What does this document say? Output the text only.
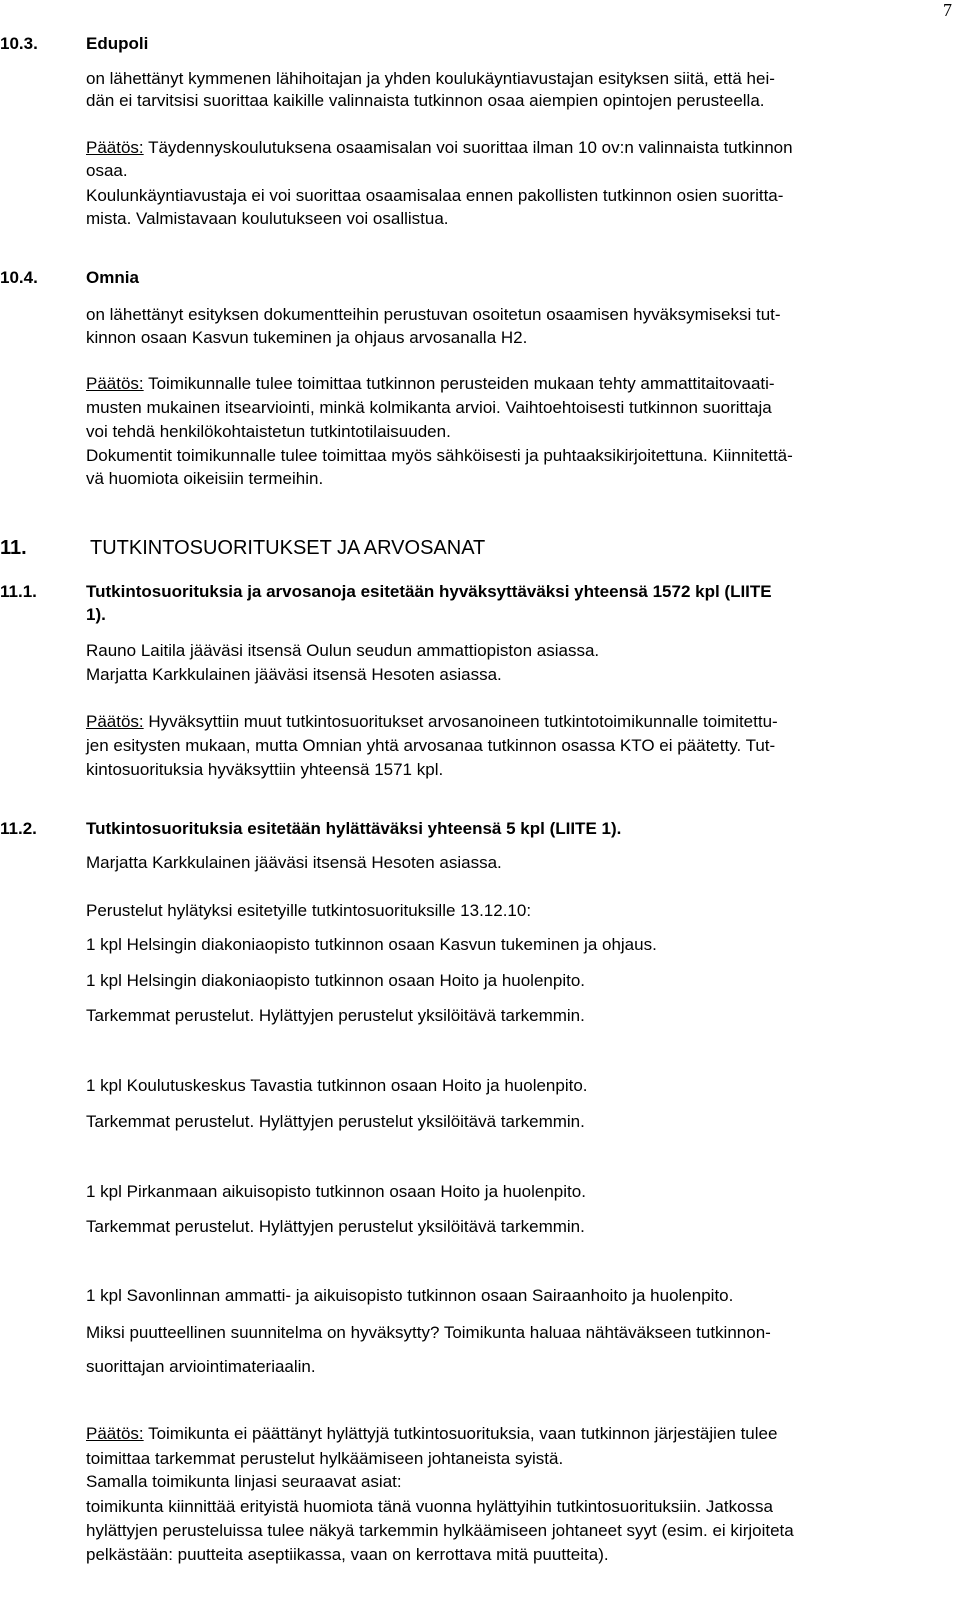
7
10.3.	Edupoli
on lähettänyt kymmenen lähihoitajan ja yhden koulukäyntiavustajan esityksen siitä, että hei-
dän ei tarvitsisi suorittaa kaikille valinnaista tutkinnon osaa aiempien opintojen perusteella.
Päätös: Täydennyskoulutuksena osaamisalan voi suorittaa ilman 10 ov:n valinnaista tutkinnon
osaa.
Koulunkäyntiavustaja ei voi suorittaa osaamisalaa ennen pakollisten tutkinnon osien suoritta-
mista. Valmistavaan koulutukseen voi osallistua.
10.4.	Omnia
on lähettänyt esityksen dokumentteihin perustuvan osoitetun osaamisen hyväksymiseksi tut-
kinnon osaan Kasvun tukeminen ja ohjaus arvosanalla H2.
Päätös: Toimikunnalle tulee toimittaa tutkinnon perusteiden mukaan tehty ammattitaitovaati-
musten mukainen itsearviointi, minkä kolmikanta arvioi. Vaihtoehtoisesti tutkinnon suorittaja
voi tehdä henkilökohtaistetun tutkintotilaisuuden.
Dokumentit toimikunnalle tulee toimittaa myös sähköisesti ja puhtaaksikirjoitettuna. Kiinnitettä-
vä huomiota oikeisiin termeihin.
11.	TUTKINTOSUORITUKSET JA ARVOSANAT
11.1.	Tutkintosuorituksia ja arvosanoja esitetään hyväksyttäväksi yhteensä 1572 kpl (LIITE
1).
Rauno Laitila jääväsi itsensä Oulun seudun ammattiopiston asiassa.
Marjatta Karkkulainen jääväsi itsensä Hesoten asiassa.
Päätös: Hyväksyttiin muut tutkintosuoritukset arvosanoineen tutkintotoimikunnalle toimitettu-
jen esitysten mukaan, mutta Omnian yhtä arvosanaa tutkinnon osassa KTO ei päätetty. Tut-
kintosuorituksia hyväksyttiin yhteensä 1571 kpl.
11.2.	Tutkintosuorituksia esitetään hylättäväksi yhteensä 5 kpl (LIITE 1).
Marjatta Karkkulainen jääväsi itsensä Hesoten asiassa.
Perustelut hylätyksi esitetyille tutkintosuorituksille 13.12.10:
1 kpl Helsingin diakoniaopisto tutkinnon osaan Kasvun tukeminen ja ohjaus.
1 kpl Helsingin diakoniaopisto tutkinnon osaan Hoito ja huolenpito.
Tarkemmat perustelut. Hylättyjen perustelut yksilöitävä tarkemmin.
1 kpl Koulutuskeskus Tavastia tutkinnon osaan Hoito ja huolenpito.
Tarkemmat perustelut. Hylättyjen perustelut yksilöitävä tarkemmin.
1 kpl Pirkanmaan aikuisopisto tutkinnon osaan Hoito ja huolenpito.
Tarkemmat perustelut. Hylättyjen perustelut yksilöitävä tarkemmin.
1 kpl Savonlinnan ammatti- ja aikuisopisto tutkinnon osaan Sairaanhoito ja huolenpito.
Miksi puutteellinen suunnitelma on hyväksytty? Toimikunta haluaa nähtäväkseen tutkinnon-
suorittajan arviointimateriaalin.
Päätös: Toimikunta ei päättänyt hylättyjä tutkintosuorituksia, vaan tutkinnon järjestäjien tulee
toimittaa tarkemmat perustelut hylkäämiseen johtaneista syistä.
Samalla toimikunta linjasi seuraavat asiat:
toimikunta kiinnittää erityistä huomiota tänä vuonna hylättyihin tutkintosuorituksiin. Jatkossa
hylättyjen perusteluissa tulee näkyä tarkemmin hylkäämiseen johtaneet syyt (esim. ei kirjoiteta
pelkästään: puutteita aseptiikassa, vaan on kerrottava mitä puutteita).
